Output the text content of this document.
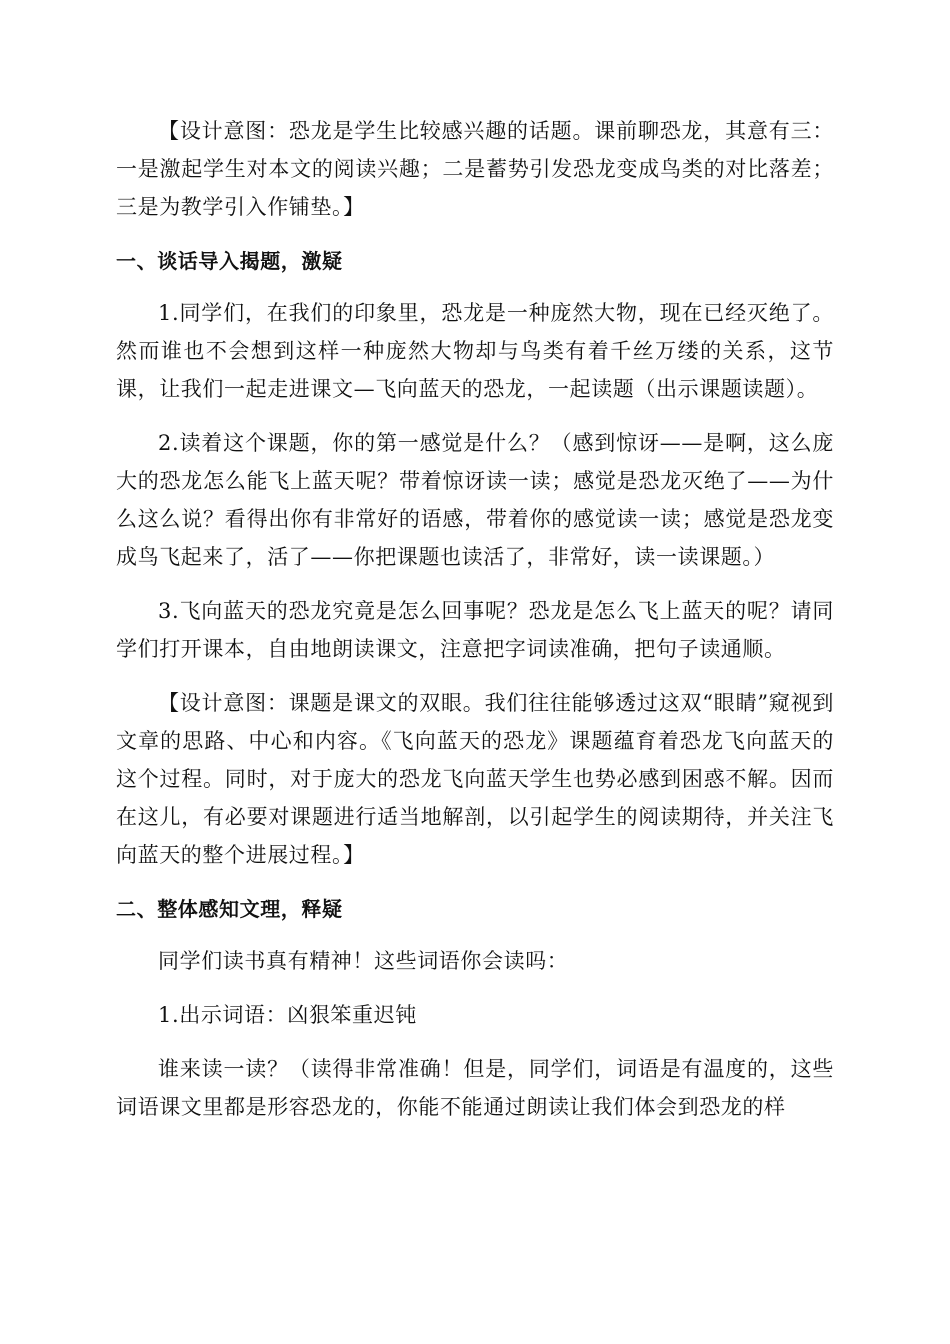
【设计意图：恐龙是学生比较感兴趣的话题。课前聊恐龙，其意有三：一是激起学生对本文的阅读兴趣；二是蓄势引发恐龙变成鸟类的对比落差；三是为教学引入作铺垫。】

一、谈话导入揭题，激疑

1.同学们，在我们的印象里，恐龙是一种庞然大物，现在已经灭绝了。然而谁也不会想到这样一种庞然大物却与鸟类有着千丝万缕的关系，这节课，让我们一起走进课文—飞向蓝天的恐龙，一起读题（出示课题读题）。

2.读着这个课题，你的第一感觉是什么？（感到惊讶——是啊，这么庞大的恐龙怎么能飞上蓝天呢？带着惊讶读一读；感觉是恐龙灭绝了——为什么这么说？看得出你有非常好的语感，带着你的感觉读一读；感觉是恐龙变成鸟飞起来了，活了——你把课题也读活了，非常好，读一读课题。）

3.飞向蓝天的恐龙究竟是怎么回事呢？恐龙是怎么飞上蓝天的呢？请同学们打开课本，自由地朗读课文，注意把字词读准确，把句子读通顺。

【设计意图：课题是课文的双眼。我们往往能够透过这双“眼睛”窥视到文章的思路、中心和内容。《飞向蓝天的恐龙》课题蕴育着恐龙飞向蓝天的这个过程。同时，对于庞大的恐龙飞向蓝天学生也势必感到困惑不解。因而在这儿，有必要对课题进行适当地解剖，以引起学生的阅读期待，并关注飞向蓝天的整个进展过程。】

二、整体感知文理，释疑

同学们读书真有精神！这些词语你会读吗：

1.出示词语：凶狠笨重迟钝

谁来读一读？（读得非常准确！但是，同学们，词语是有温度的，这些词语课文里都是形容恐龙的，你能不能通过朗读让我们体会到恐龙的样
